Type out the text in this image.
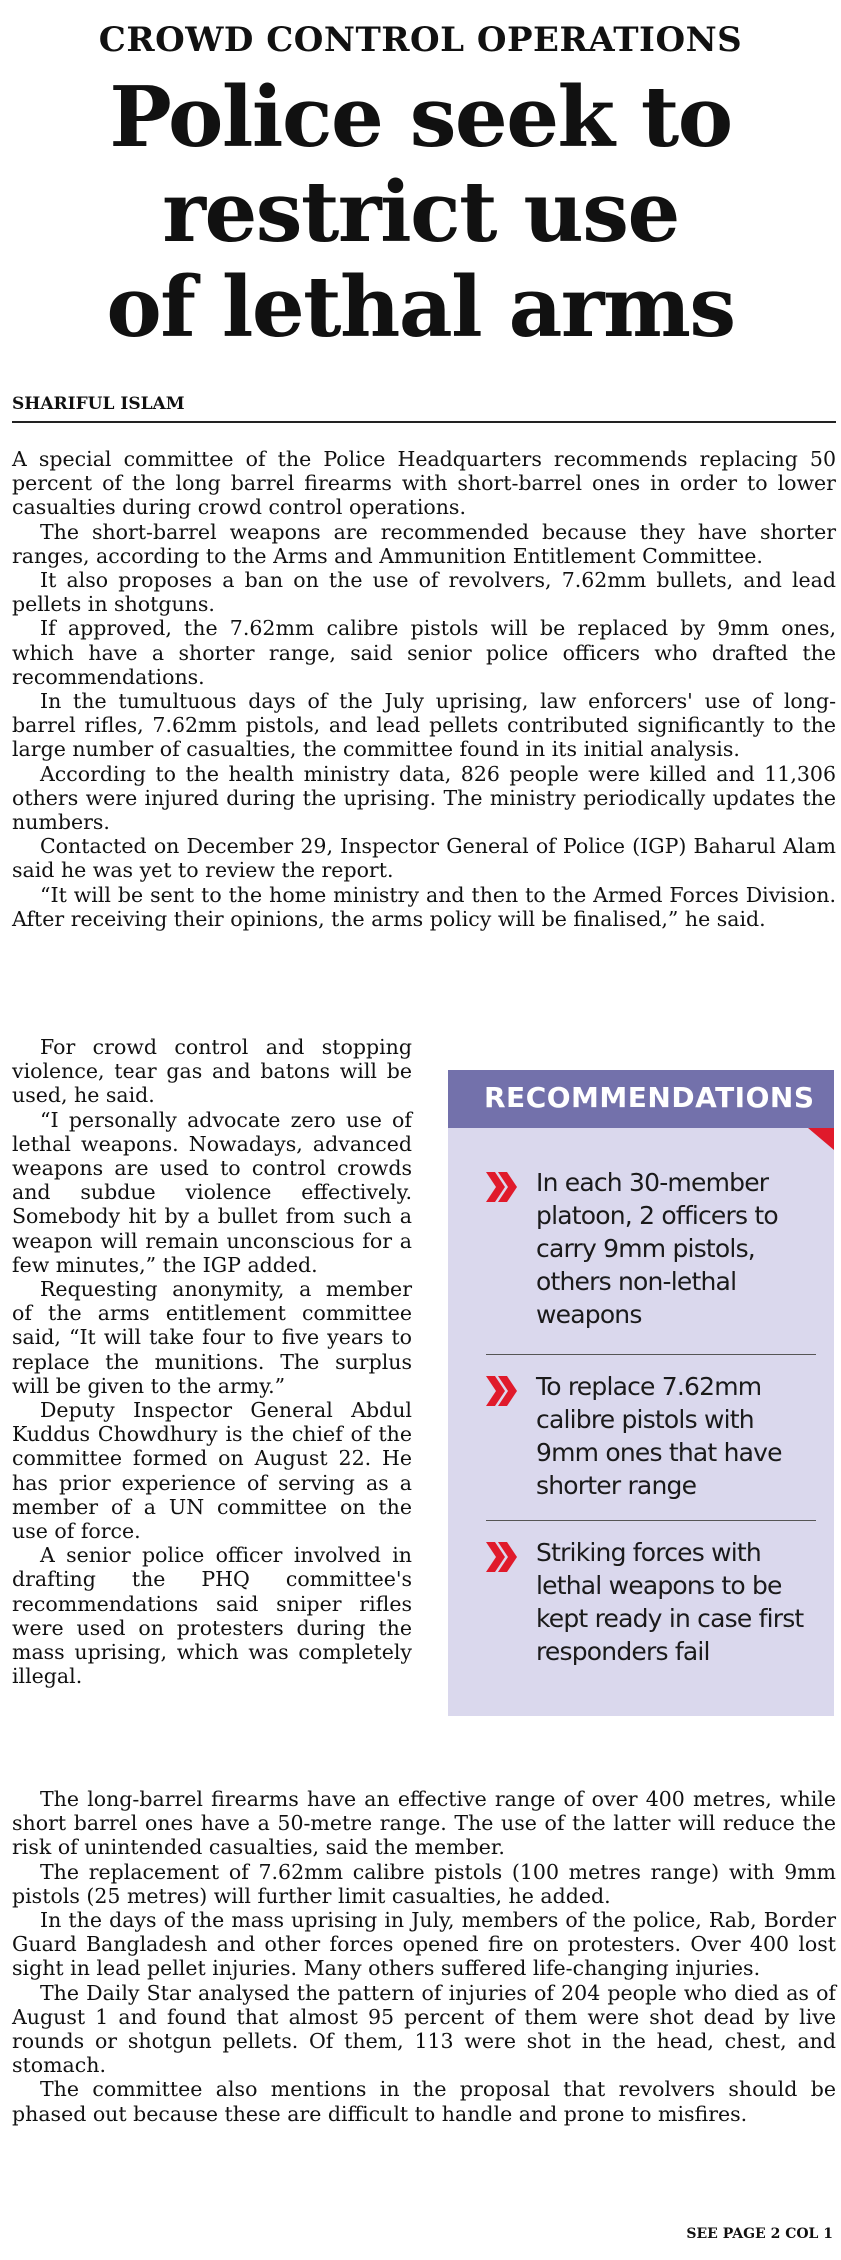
CROWD CONTROL OPERATIONS
Police seek to
restrict use
of lethal arms

SHARIFUL ISLAM

A special committee of the Police Headquarters recommends replacing 50 percent of the long barrel firearms with short-barrel ones in order to lower casualties during crowd control operations.

The short-barrel weapons are recommended because they have shorter ranges, according to the Arms and Ammunition Entitlement Committee.

It also proposes a ban on the use of revolvers, 7.62mm bullets, and lead pellets in shotguns.

If approved, the 7.62mm calibre pistols will be replaced by 9mm ones, which have a shorter range, said senior police officers who drafted the recommendations.

In the tumultuous days of the July uprising, law enforcers' use of long-barrel rifles, 7.62mm pistols, and lead pellets contributed significantly to the large number of casualties, the committee found in its initial analysis.

According to the health ministry data, 826 people were killed and 11,306 others were injured during the uprising. The ministry periodically updates the numbers.

Contacted on December 29, Inspector General of Police (IGP) Baharul Alam said he was yet to review the report.

“It will be sent to the home ministry and then to the Armed Forces Division. After receiving their opinions, the arms policy will be finalised,” he said.

For crowd control and stopping violence, tear gas and batons will be used, he said.

“I personally advocate zero use of lethal weapons. Nowadays, advanced weapons are used to control crowds and subdue violence effectively. Somebody hit by a bullet from such a weapon will remain unconscious for a few minutes,” the IGP added.

Requesting anonymity, a member of the arms entitlement committee said, “It will take four to five years to replace the munitions. The surplus will be given to the army.”

Deputy Inspector General Abdul Kuddus Chowdhury is the chief of the committee formed on August 22. He has prior experience of serving as a member of a UN committee on the use of force.

A senior police officer involved in drafting the PHQ committee's recommendations said sniper rifles were used on protesters during the mass uprising, which was completely illegal.

RECOMMENDATIONS

In each 30-member platoon, 2 officers to carry 9mm pistols, others non-lethal weapons

To replace 7.62mm calibre pistols with 9mm ones that have shorter range

Striking forces with lethal weapons to be kept ready in case first responders fail

The long-barrel firearms have an effective range of over 400 metres, while short barrel ones have a 50-metre range. The use of the latter will reduce the risk of unintended casualties, said the member.

The replacement of 7.62mm calibre pistols (100 metres range) with 9mm pistols (25 metres) will further limit casualties, he added.

In the days of the mass uprising in July, members of the police, Rab, Border Guard Bangladesh and other forces opened fire on protesters. Over 400 lost sight in lead pellet injuries. Many others suffered life-changing injuries.

The Daily Star analysed the pattern of injuries of 204 people who died as of August 1 and found that almost 95 percent of them were shot dead by live rounds or shotgun pellets. Of them, 113 were shot in the head, chest, and stomach.

The committee also mentions in the proposal that revolvers should be phased out because these are difficult to handle and prone to misfires.

SEE PAGE 2 COL 1
